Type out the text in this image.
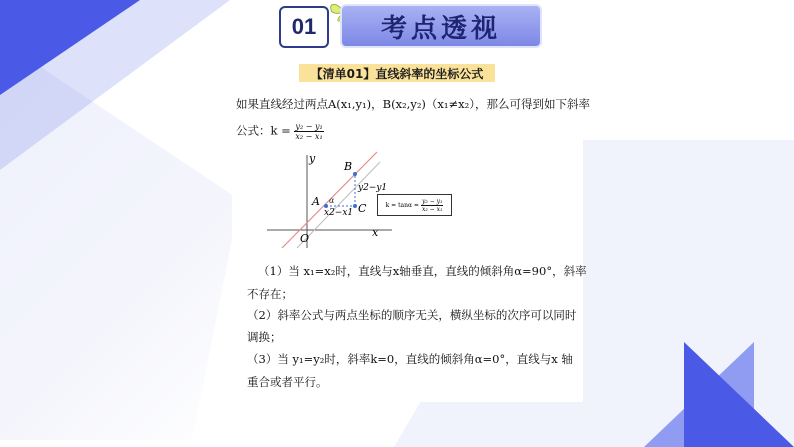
01	考点透视
【清单01】直线斜率的坐标公式
如果直线经过两点A(x₁,y₁)，B(x₂,y₂)（x₁≠x₂），那么可得到如下斜率
公式：$k = \frac{\text{y₂ − y₁}}{\text{x₂ − x₁}}$
y
x
O
A
B
C
α
y2−y1
x2−x1
$k = \tan\alpha = \frac{\text{y₂ − y₁}}{\text{x₂ − x₁}}$
（1）当 x₁=x₂时，直线与x轴垂直，直线的倾斜角α=90°，斜率
不存在；
（2）斜率公式与两点坐标的顺序无关，横纵坐标的次序可以同时
调换；
（3）当 y₁=y₂时，斜率k=0，直线的倾斜角α=0°，直线与x 轴
重合或者平行。
